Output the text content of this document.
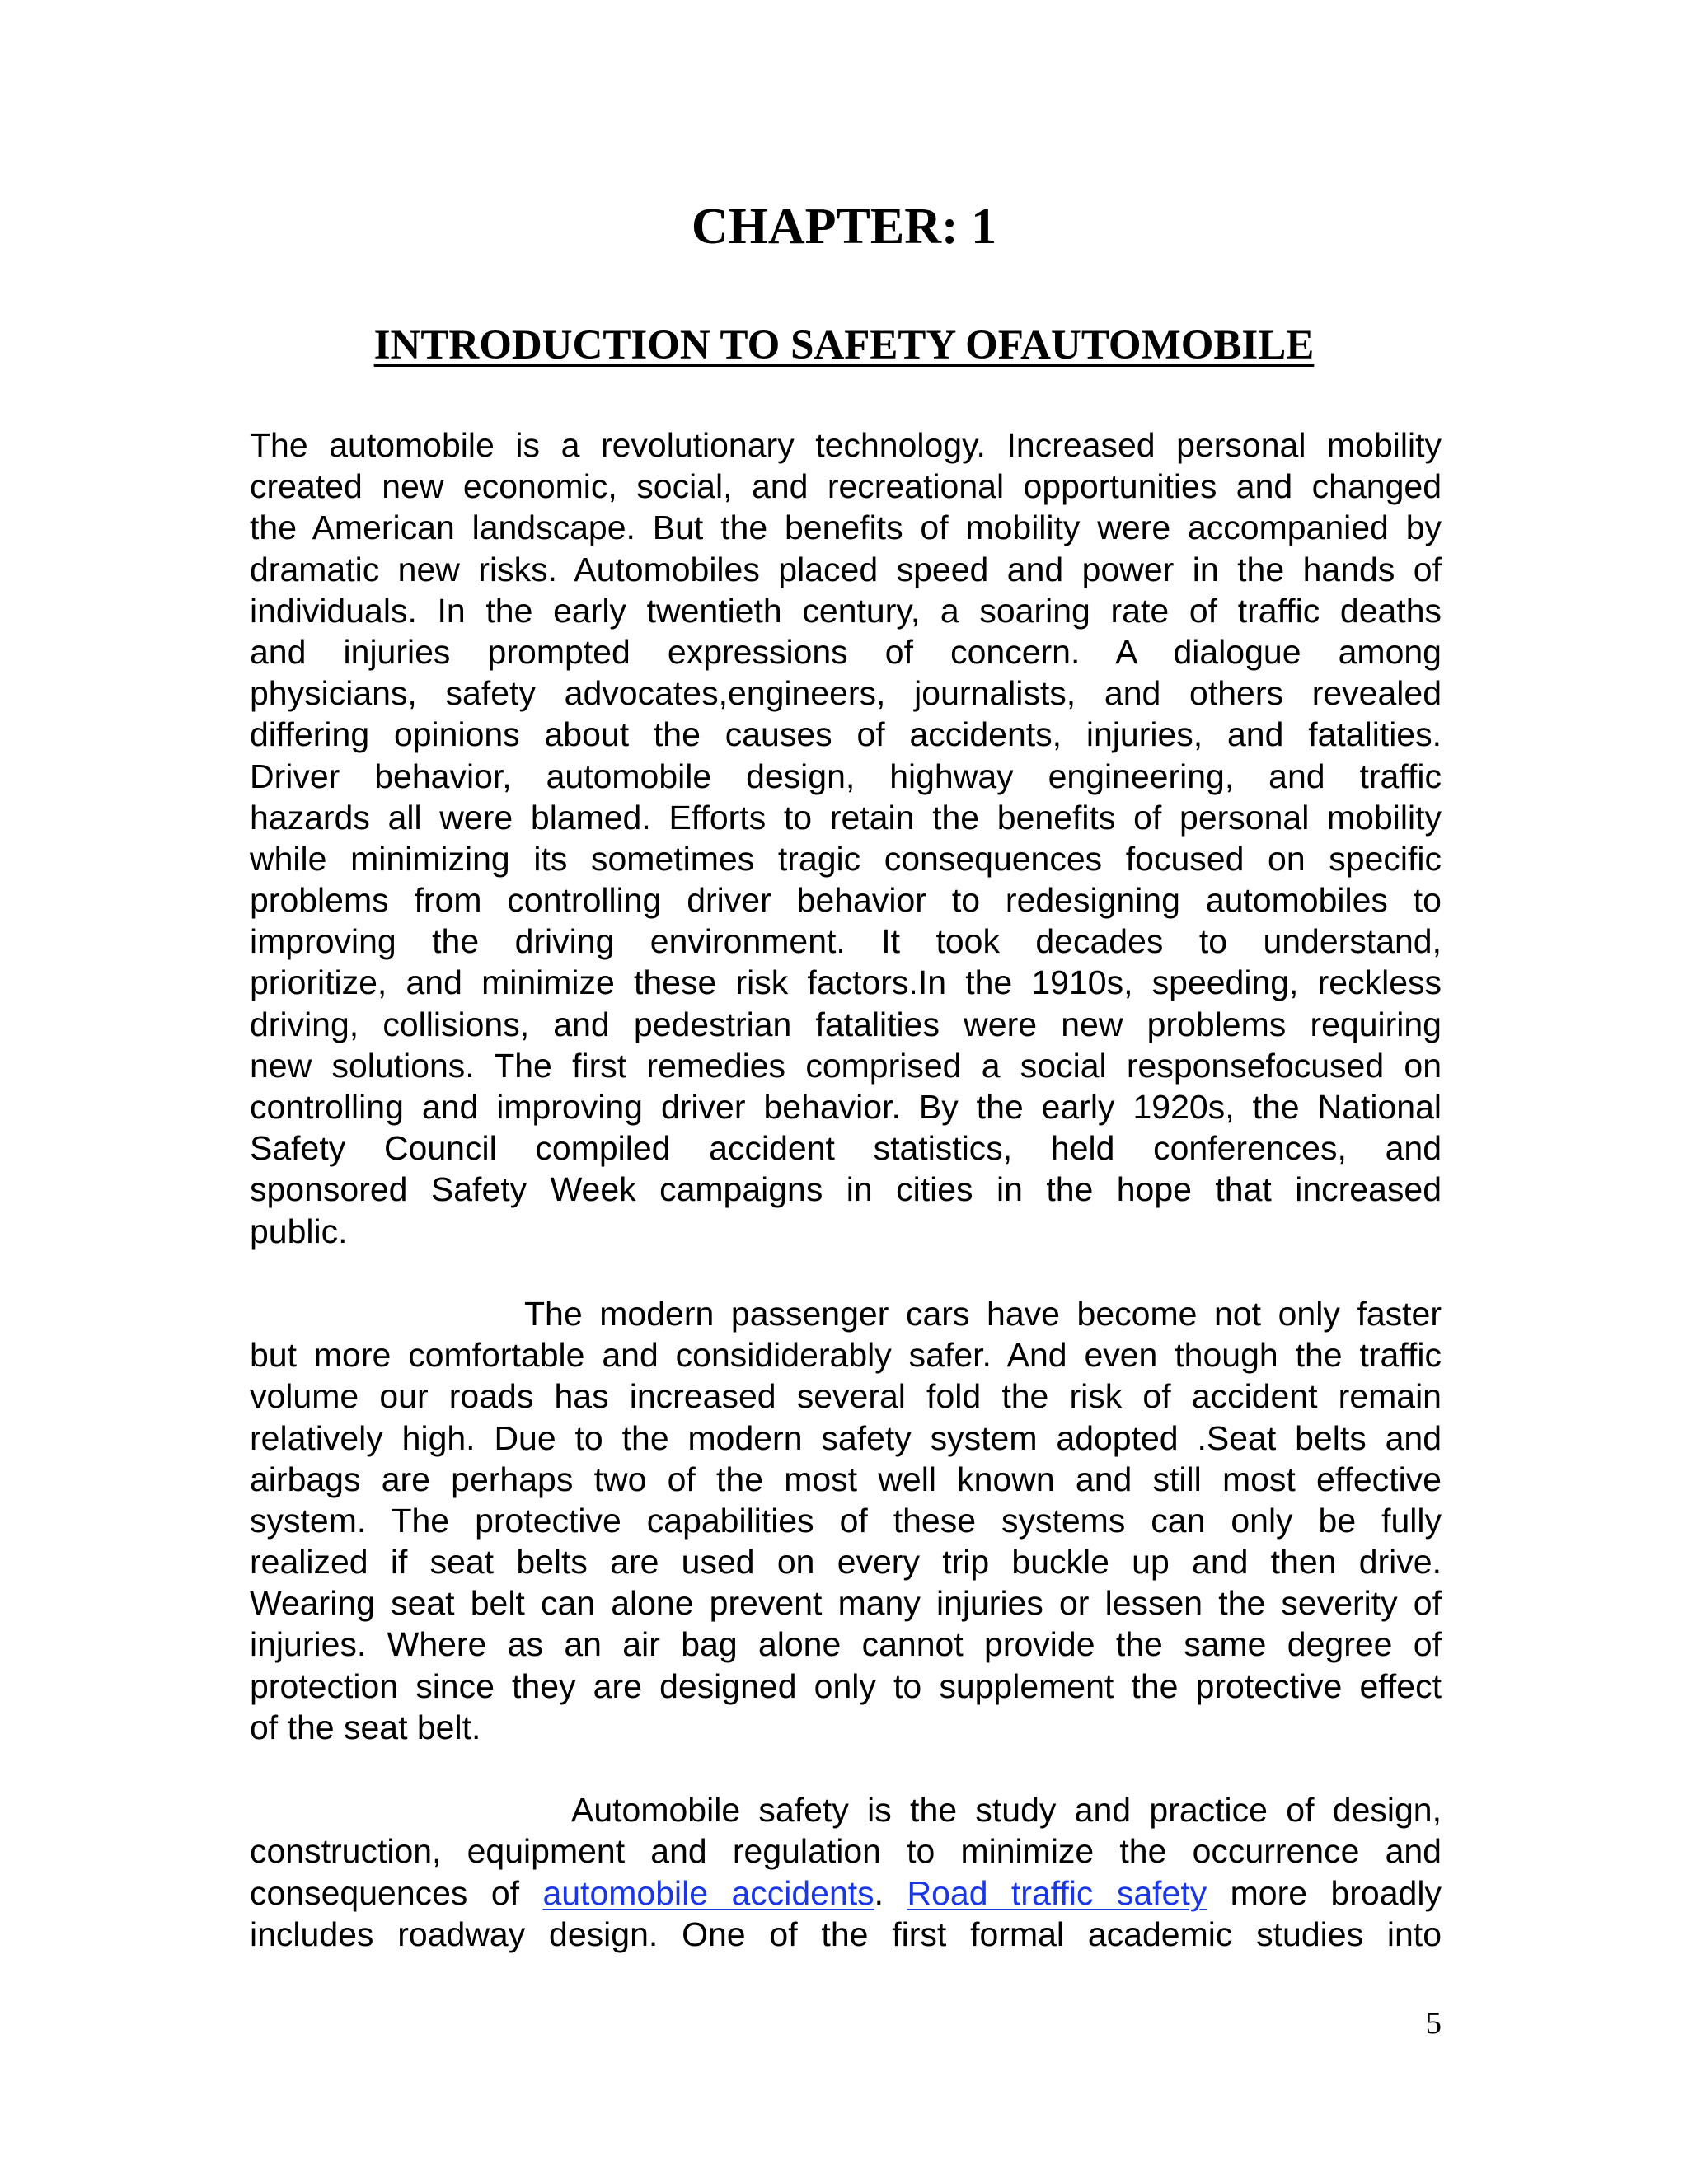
CHAPTER: 1
INTRODUCTION TO SAFETY OFAUTOMOBILE
The automobile is a revolutionary technology. Increased personal mobility
created new economic, social, and recreational opportunities and changed
the American landscape. But the benefits of mobility were accompanied by
dramatic new risks. Automobiles placed speed and power in the hands of
individuals. In the early twentieth century, a soaring rate of traffic deaths
and injuries prompted expressions of concern. A dialogue among
physicians, safety advocates,engineers, journalists, and others revealed
differing opinions about the causes of accidents, injuries, and fatalities.
Driver behavior, automobile design, highway engineering, and traffic
hazards all were blamed. Efforts to retain the benefits of personal mobility
while minimizing its sometimes tragic consequences focused on specific
problems from controlling driver behavior to redesigning automobiles to
improving the driving environment. It took decades to understand,
prioritize, and minimize these risk factors.In the 1910s, speeding, reckless
driving, collisions, and pedestrian fatalities were new problems requiring
new solutions. The first remedies comprised a social responsefocused on
controlling and improving driver behavior. By the early 1920s, the National
Safety Council compiled accident statistics, held conferences, and
sponsored Safety Week campaigns in cities in the hope that increased
public.
The modern passenger cars have become not only faster
but more comfortable and consididerably safer. And even though the traffic
volume our roads has increased several fold the risk of accident remain
relatively high. Due to the modern safety system adopted .Seat belts and
airbags are perhaps two of the most well known and still most effective
system. The protective capabilities of these systems can only be fully
realized if seat belts are used on every trip buckle up and then drive.
Wearing seat belt can alone prevent many injuries or lessen the severity of
injuries. Where as an air bag alone cannot provide the same degree of
protection since they are designed only to supplement the protective effect
of the seat belt.
Automobile safety is the study and practice of design,
construction, equipment and regulation to minimize the occurrence and
consequences of automobile accidents. Road traffic safety more broadly
includes roadway design. One of the first formal academic studies into
5
